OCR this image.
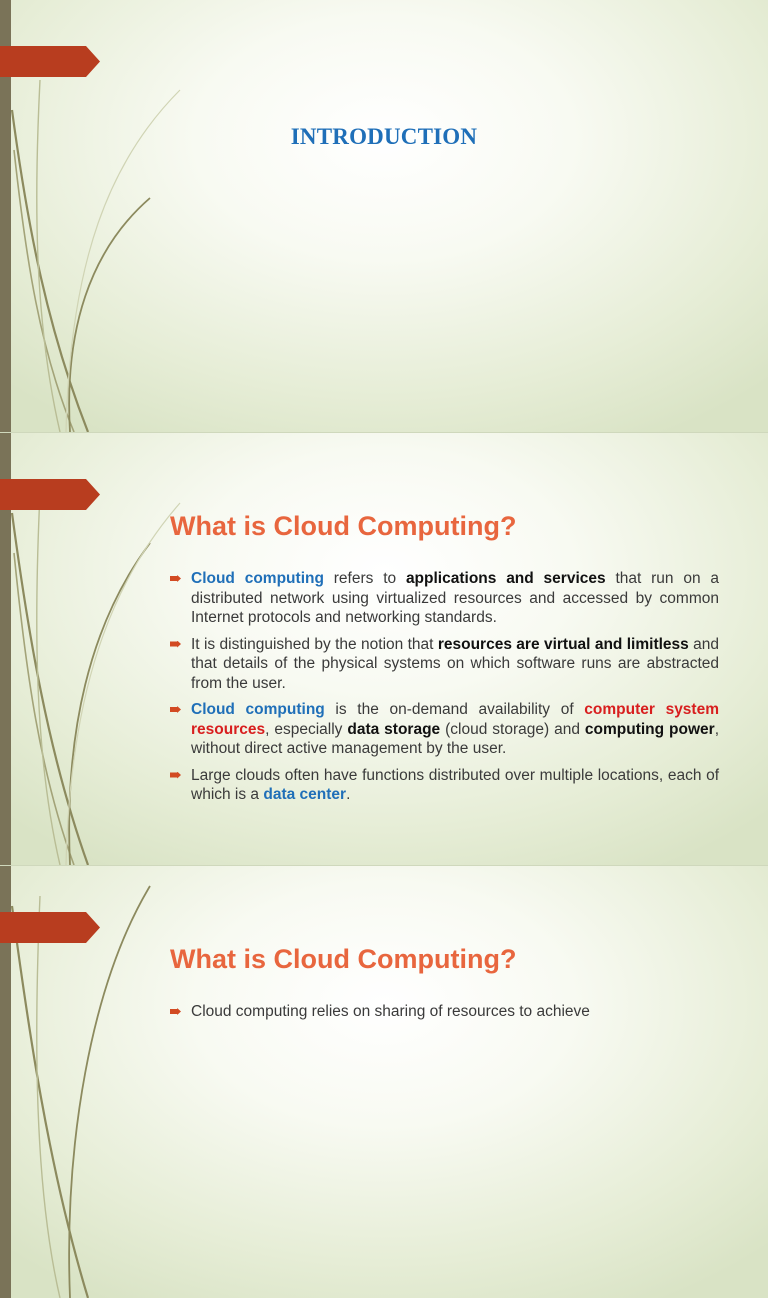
INTRODUCTION
What is Cloud Computing?
Cloud computing refers to applications and services that run on a distributed network using virtualized resources and accessed by common Internet protocols and networking standards.
It is distinguished by the notion that resources are virtual and limitless and that details of the physical systems on which software runs are abstracted from the user.
Cloud computing is the on-demand availability of computer system resources, especially data storage (cloud storage) and computing power, without direct active management by the user.
Large clouds often have functions distributed over multiple locations, each of which is a data center.
What is Cloud Computing?
Cloud computing relies on sharing of resources to achieve
